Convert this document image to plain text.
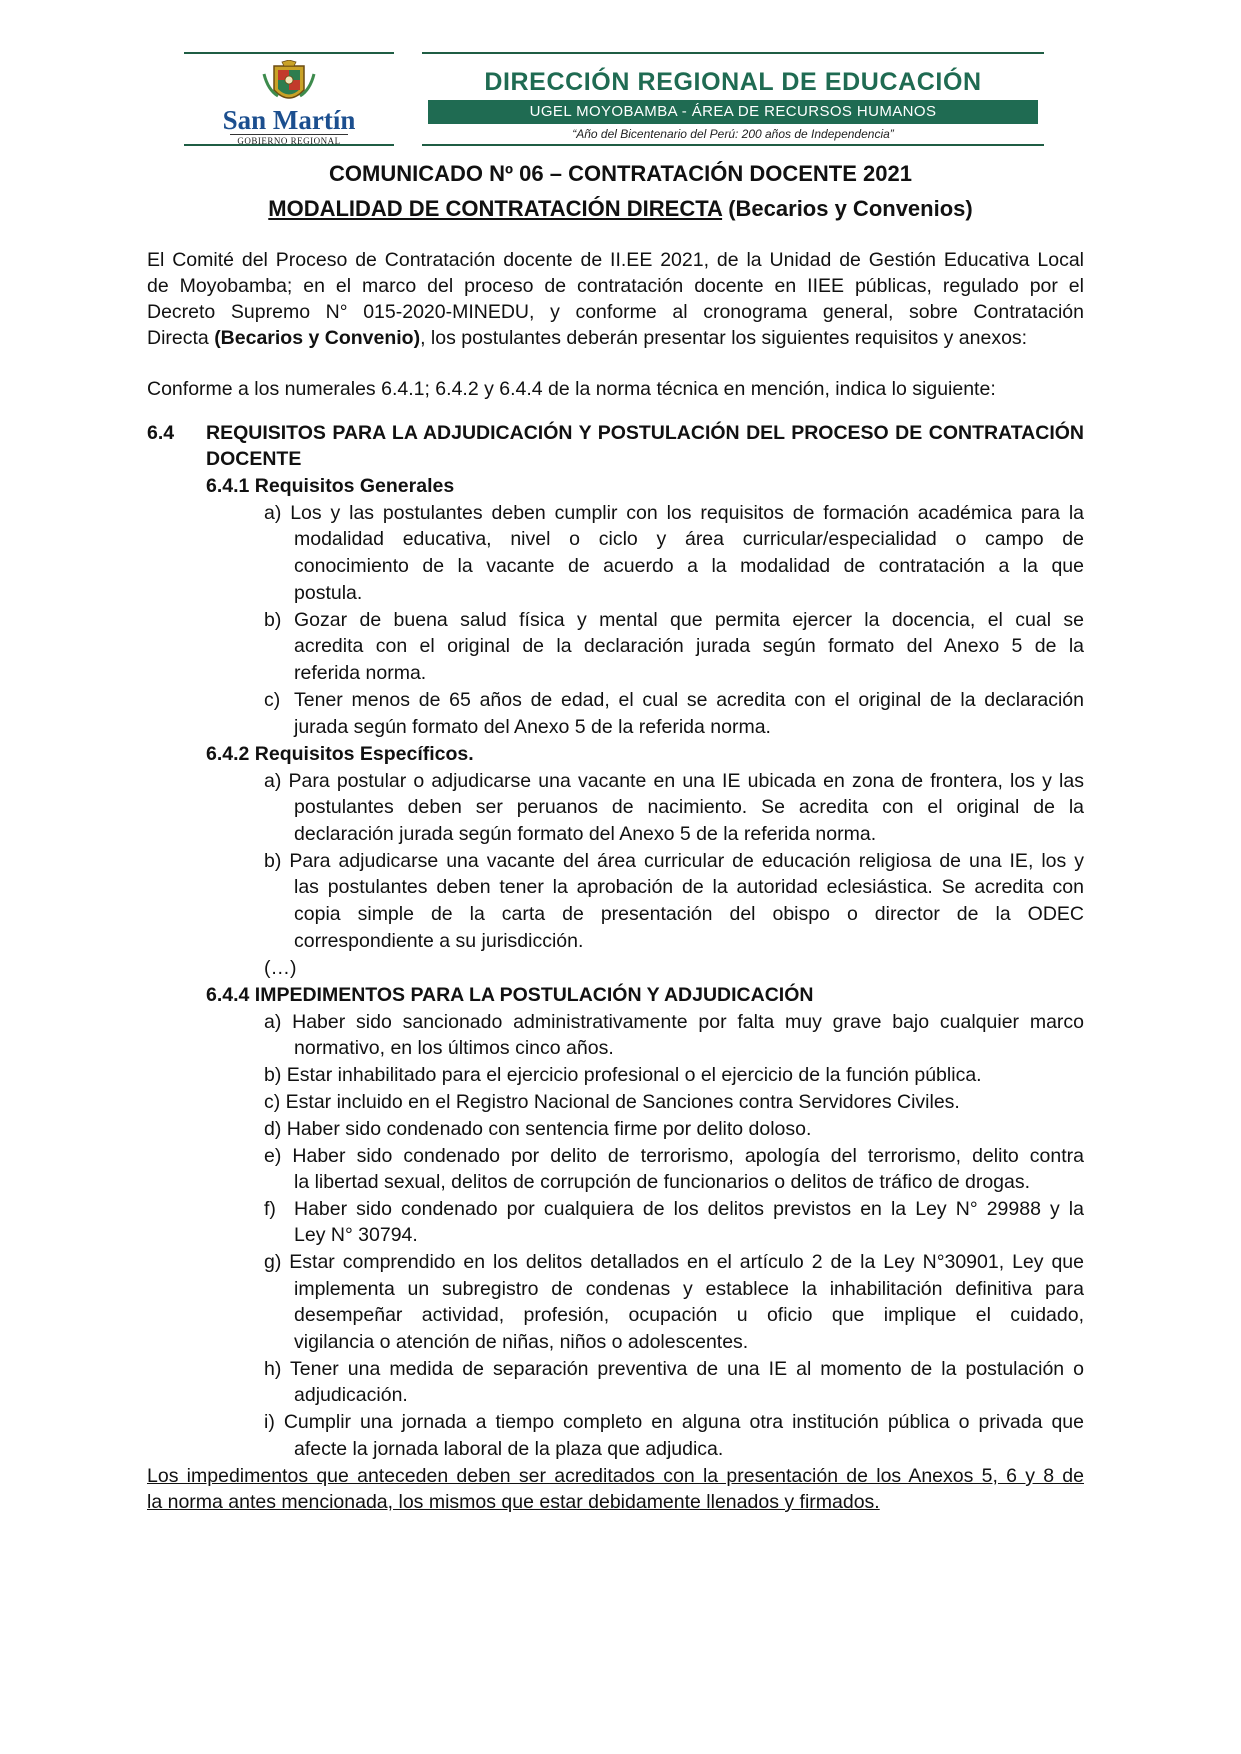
San Martín
GOBIERNO REGIONAL
DIRECCIÓN REGIONAL DE EDUCACIÓN
UGEL MOYOBAMBA - ÁREA DE RECURSOS HUMANOS
“Año del Bicentenario del Perú: 200 años de Independencia”
COMUNICADO Nº 06 – CONTRATACIÓN DOCENTE 2021
MODALIDAD DE CONTRATACIÓN DIRECTA (Becarios y Convenios)
El Comité del Proceso de Contratación docente de II.EE 2021, de la Unidad de Gestión Educativa Local
de Moyobamba; en el marco del proceso de contratación docente en IIEE públicas, regulado por el
Decreto Supremo N° 015-2020-MINEDU, y conforme al cronograma general, sobre Contratación
Directa (Becarios y Convenio), los postulantes deberán presentar los siguientes requisitos y anexos:
Conforme a los numerales 6.4.1; 6.4.2 y 6.4.4 de la norma técnica en mención, indica lo siguiente:
6.4 REQUISITOS PARA LA ADJUDICACIÓN Y POSTULACIÓN DEL PROCESO DE CONTRATACIÓN
DOCENTE
6.4.1 Requisitos Generales
a) Los y las postulantes deben cumplir con los requisitos de formación académica para la
modalidad educativa, nivel o ciclo y área curricular/especialidad o campo de
conocimiento de la vacante de acuerdo a la modalidad de contratación a la que
postula.
b) Gozar de buena salud física y mental que permita ejercer la docencia, el cual se
acredita con el original de la declaración jurada según formato del Anexo 5 de la
referida norma.
c) Tener menos de 65 años de edad, el cual se acredita con el original de la declaración
jurada según formato del Anexo 5 de la referida norma.
6.4.2 Requisitos Específicos.
a) Para postular o adjudicarse una vacante en una IE ubicada en zona de frontera, los y las
postulantes deben ser peruanos de nacimiento. Se acredita con el original de la
declaración jurada según formato del Anexo 5 de la referida norma.
b) Para adjudicarse una vacante del área curricular de educación religiosa de una IE, los y
las postulantes deben tener la aprobación de la autoridad eclesiástica. Se acredita con
copia simple de la carta de presentación del obispo o director de la ODEC
correspondiente a su jurisdicción.
(…)
6.4.4 IMPEDIMENTOS PARA LA POSTULACIÓN Y ADJUDICACIÓN
a) Haber sido sancionado administrativamente por falta muy grave bajo cualquier marco
normativo, en los últimos cinco años.
b) Estar inhabilitado para el ejercicio profesional o el ejercicio de la función pública.
c) Estar incluido en el Registro Nacional de Sanciones contra Servidores Civiles.
d) Haber sido condenado con sentencia firme por delito doloso.
e) Haber sido condenado por delito de terrorismo, apología del terrorismo, delito contra
la libertad sexual, delitos de corrupción de funcionarios o delitos de tráfico de drogas.
f) Haber sido condenado por cualquiera de los delitos previstos en la Ley N° 29988 y la
Ley N° 30794.
g) Estar comprendido en los delitos detallados en el artículo 2 de la Ley N°30901, Ley que
implementa un subregistro de condenas y establece la inhabilitación definitiva para
desempeñar actividad, profesión, ocupación u oficio que implique el cuidado,
vigilancia o atención de niñas, niños o adolescentes.
h) Tener una medida de separación preventiva de una IE al momento de la postulación o
adjudicación.
i) Cumplir una jornada a tiempo completo en alguna otra institución pública o privada que
afecte la jornada laboral de la plaza que adjudica.
Los impedimentos que anteceden deben ser acreditados con la presentación de los Anexos 5, 6 y 8 de
la norma antes mencionada, los mismos que estar debidamente llenados y firmados.
